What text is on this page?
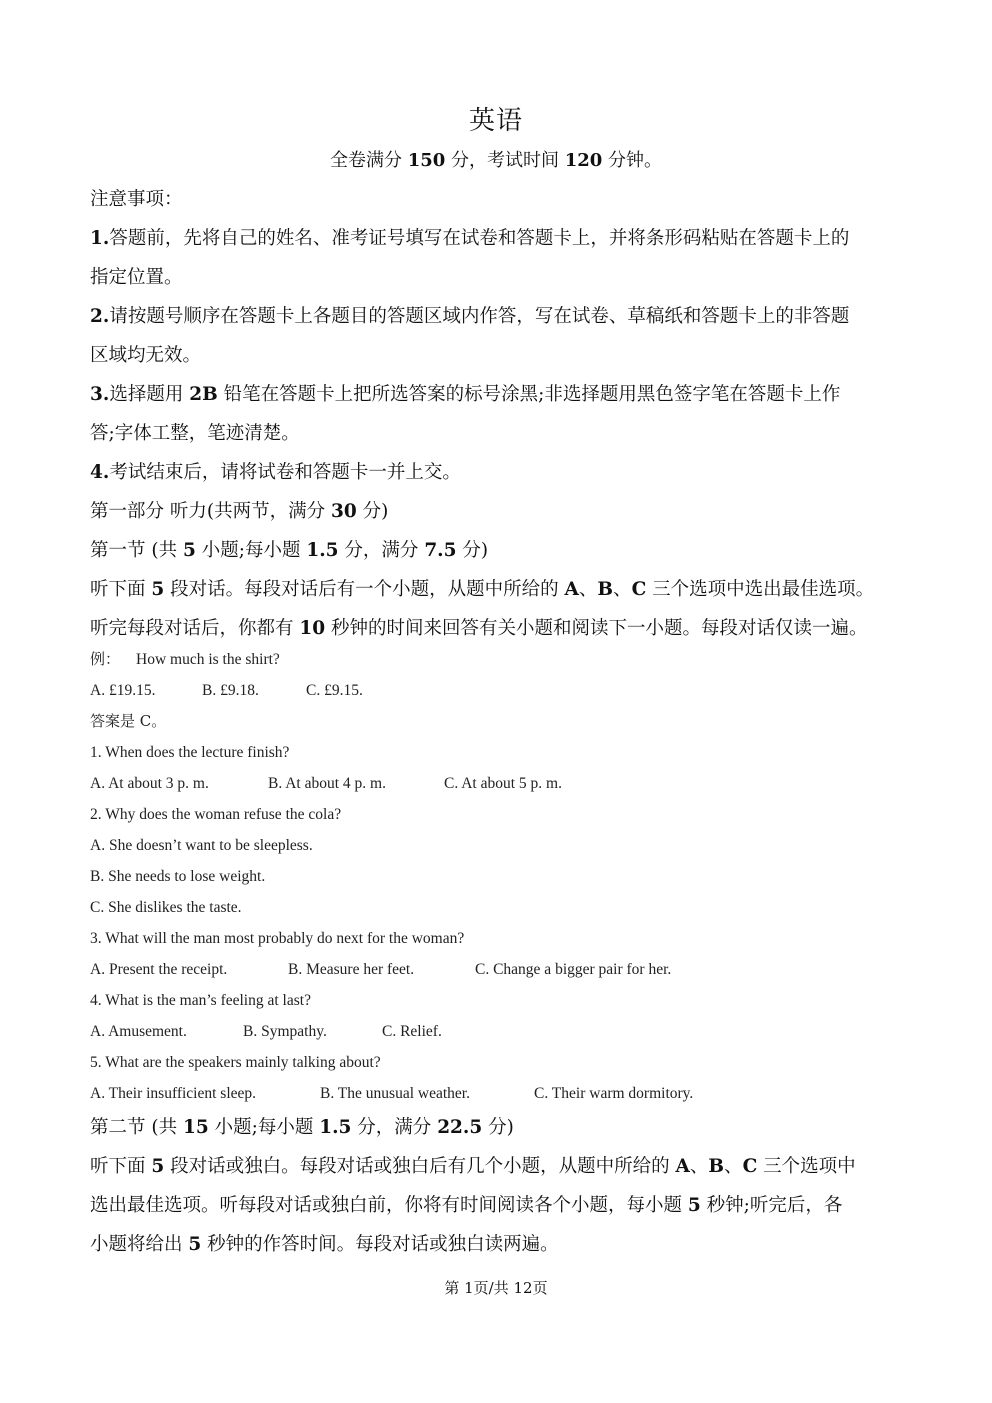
英语
全卷满分 150 分，考试时间 120 分钟。
注意事项：
1.答题前，先将自己的姓名、准考证号填写在试卷和答题卡上，并将条形码粘贴在答题卡上的
指定位置。
2.请按题号顺序在答题卡上各题目的答题区域内作答，写在试卷、草稿纸和答题卡上的非答题
区域均无效。
3.选择题用 2B 铅笔在答题卡上把所选答案的标号涂黑;非选择题用黑色签字笔在答题卡上作
答;字体工整，笔迹清楚。
4.考试结束后，请将试卷和答题卡一并上交。
第一部分 听力(共两节，满分 30 分)
第一节 (共 5 小题;每小题 1.5 分，满分 7.5 分)
听下面 5 段对话。每段对话后有一个小题，从题中所给的 A、B、C 三个选项中选出最佳选项。
听完每段对话后，你都有 10 秒钟的时间来回答有关小题和阅读下一小题。每段对话仅读一遍。
例： How much is the shirt?
A. £19.15.	B. £9.18.	C. £9.15.
答案是 C。
1. When does the lecture finish?
A. At about 3 p. m.	B. At about 4 p. m.	C. At about 5 p. m.
2. Why does the woman refuse the cola?
A. She doesn’t want to be sleepless.
B. She needs to lose weight.
C. She dislikes the taste.
3. What will the man most probably do next for the woman?
A. Present the receipt.	B. Measure her feet.	C. Change a bigger pair for her.
4. What is the man’s feeling at last?
A. Amusement.	B. Sympathy.	C. Relief.
5. What are the speakers mainly talking about?
A. Their insufficient sleep.	B. The unusual weather.	C. Their warm dormitory.
第二节 (共 15 小题;每小题 1.5 分，满分 22.5 分)
听下面 5 段对话或独白。每段对话或独白后有几个小题，从题中所给的 A、B、C 三个选项中
选出最佳选项。听每段对话或独白前，你将有时间阅读各个小题，每小题 5 秒钟;听完后，各
小题将给出 5 秒钟的作答时间。每段对话或独白读两遍。
第 1页/共 12页
